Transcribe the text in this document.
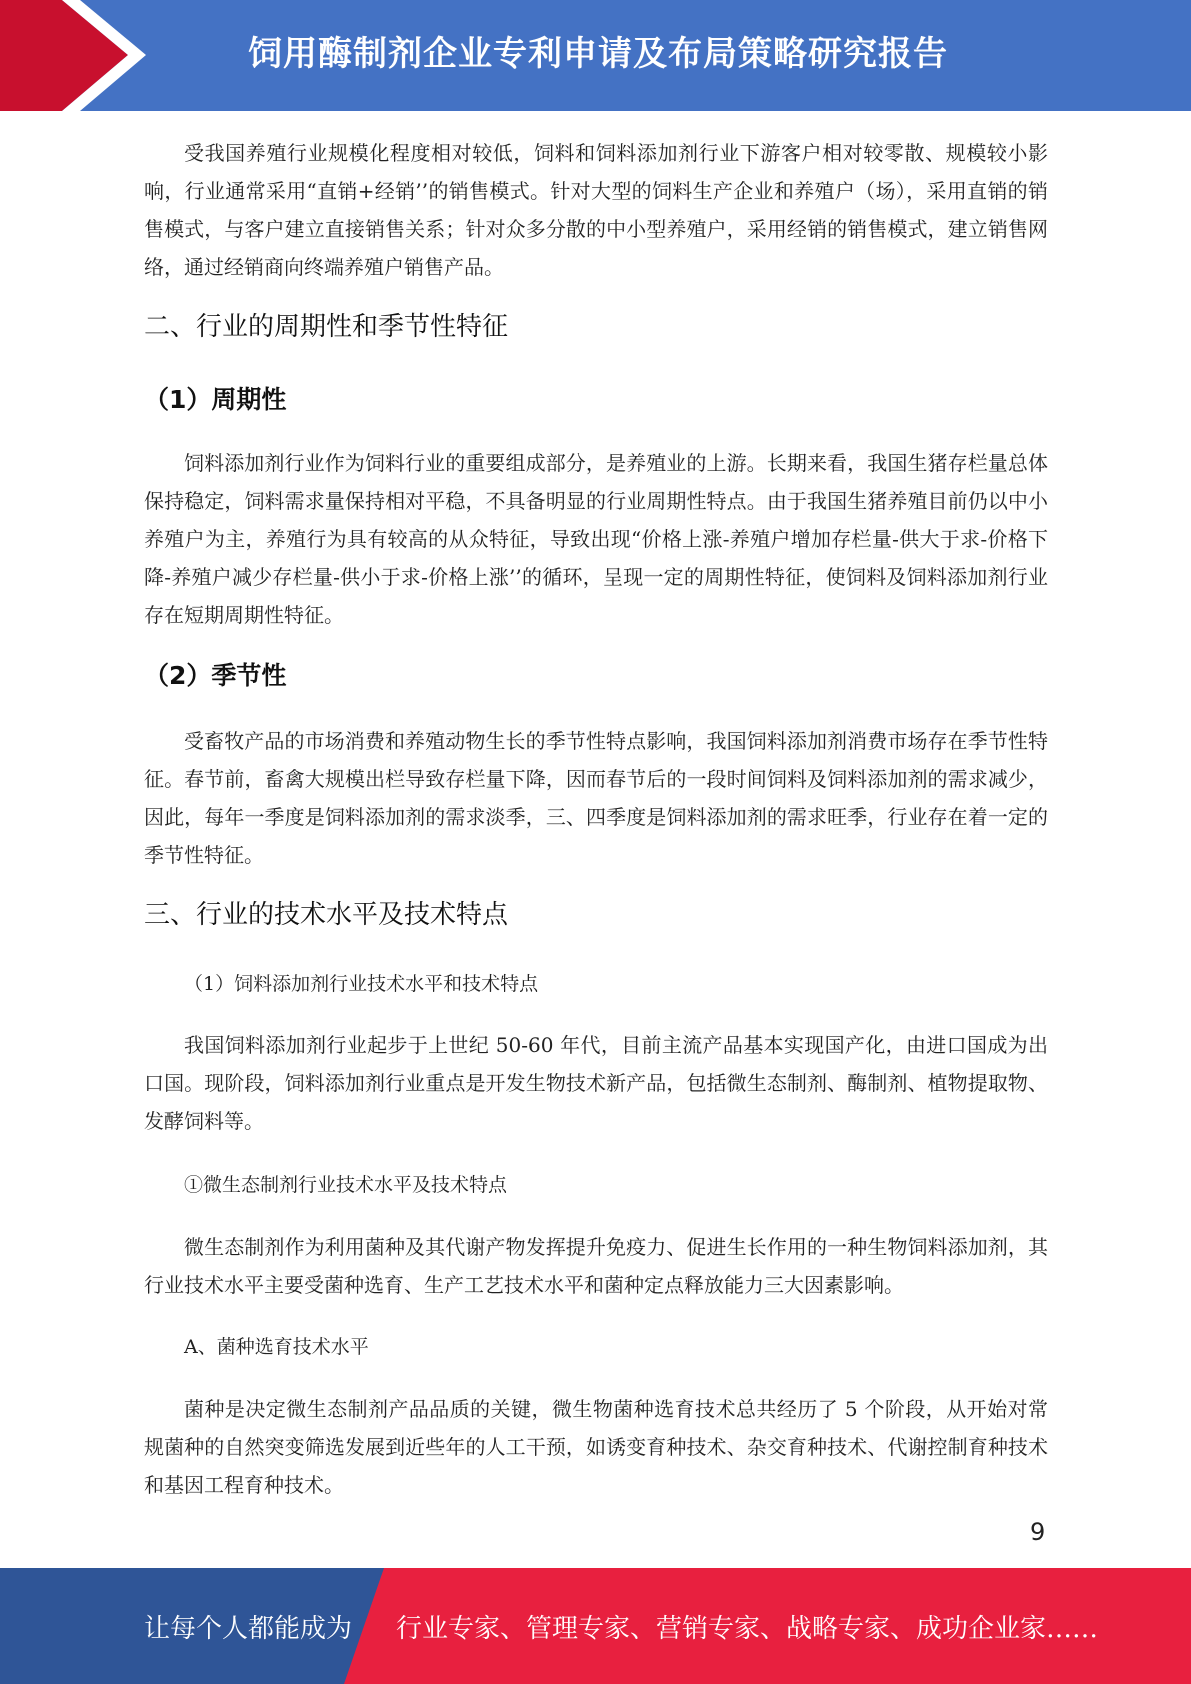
饲用酶制剂企业专利申请及布局策略研究报告

受我国养殖行业规模化程度相对较低，饲料和饲料添加剂行业下游客户相对较零散、规模较小影响，行业通常采用“直销+经销’’的销售模式。针对大型的饲料生产企业和养殖户（场），采用直销的销售模式，与客户建立直接销售关系；针对众多分散的中小型养殖户，采用经销的销售模式，建立销售网络，通过经销商向终端养殖户销售产品。

二、行业的周期性和季节性特征
（1）周期性

饲料添加剂行业作为饲料行业的重要组成部分，是养殖业的上游。长期来看，我国生猪存栏量总体保持稳定，饲料需求量保持相对平稳，不具备明显的行业周期性特点。由于我国生猪养殖目前仍以中小养殖户为主，养殖行为具有较高的从众特征，导致出现“价格上涨-养殖户增加存栏量-供大于求-价格下降-养殖户减少存栏量-供小于求-价格上涨’’的循环，呈现一定的周期性特征，使饲料及饲料添加剂行业存在短期周期性特征。

（2）季节性

受畜牧产品的市场消费和养殖动物生长的季节性特点影响，我国饲料添加剂消费市场存在季节性特征。春节前，畜禽大规模出栏导致存栏量下降，因而春节后的一段时间饲料及饲料添加剂的需求减少，因此，每年一季度是饲料添加剂的需求淡季，三、四季度是饲料添加剂的需求旺季，行业存在着一定的季节性特征。

三、行业的技术水平及技术特点

（1）饲料添加剂行业技术水平和技术特点

我国饲料添加剂行业起步于上世纪 50-60 年代，目前主流产品基本实现国产化，由进口国成为出口国。现阶段，饲料添加剂行业重点是开发生物技术新产品，包括微生态制剂、酶制剂、植物提取物、发酵饲料等。

①微生态制剂行业技术水平及技术特点

微生态制剂作为利用菌种及其代谢产物发挥提升免疫力、促进生长作用的一种生物饲料添加剂，其行业技术水平主要受菌种选育、生产工艺技术水平和菌种定点释放能力三大因素影响。

A、菌种选育技术水平

菌种是决定微生态制剂产品品质的关键，微生物菌种选育技术总共经历了 5 个阶段，从开始对常规菌种的自然突变筛选发展到近些年的人工干预，如诱变育种技术、杂交育种技术、代谢控制育种技术和基因工程育种技术。

9
让每个人都能成为 行业专家、管理专家、营销专家、战略专家、成功企业家……
